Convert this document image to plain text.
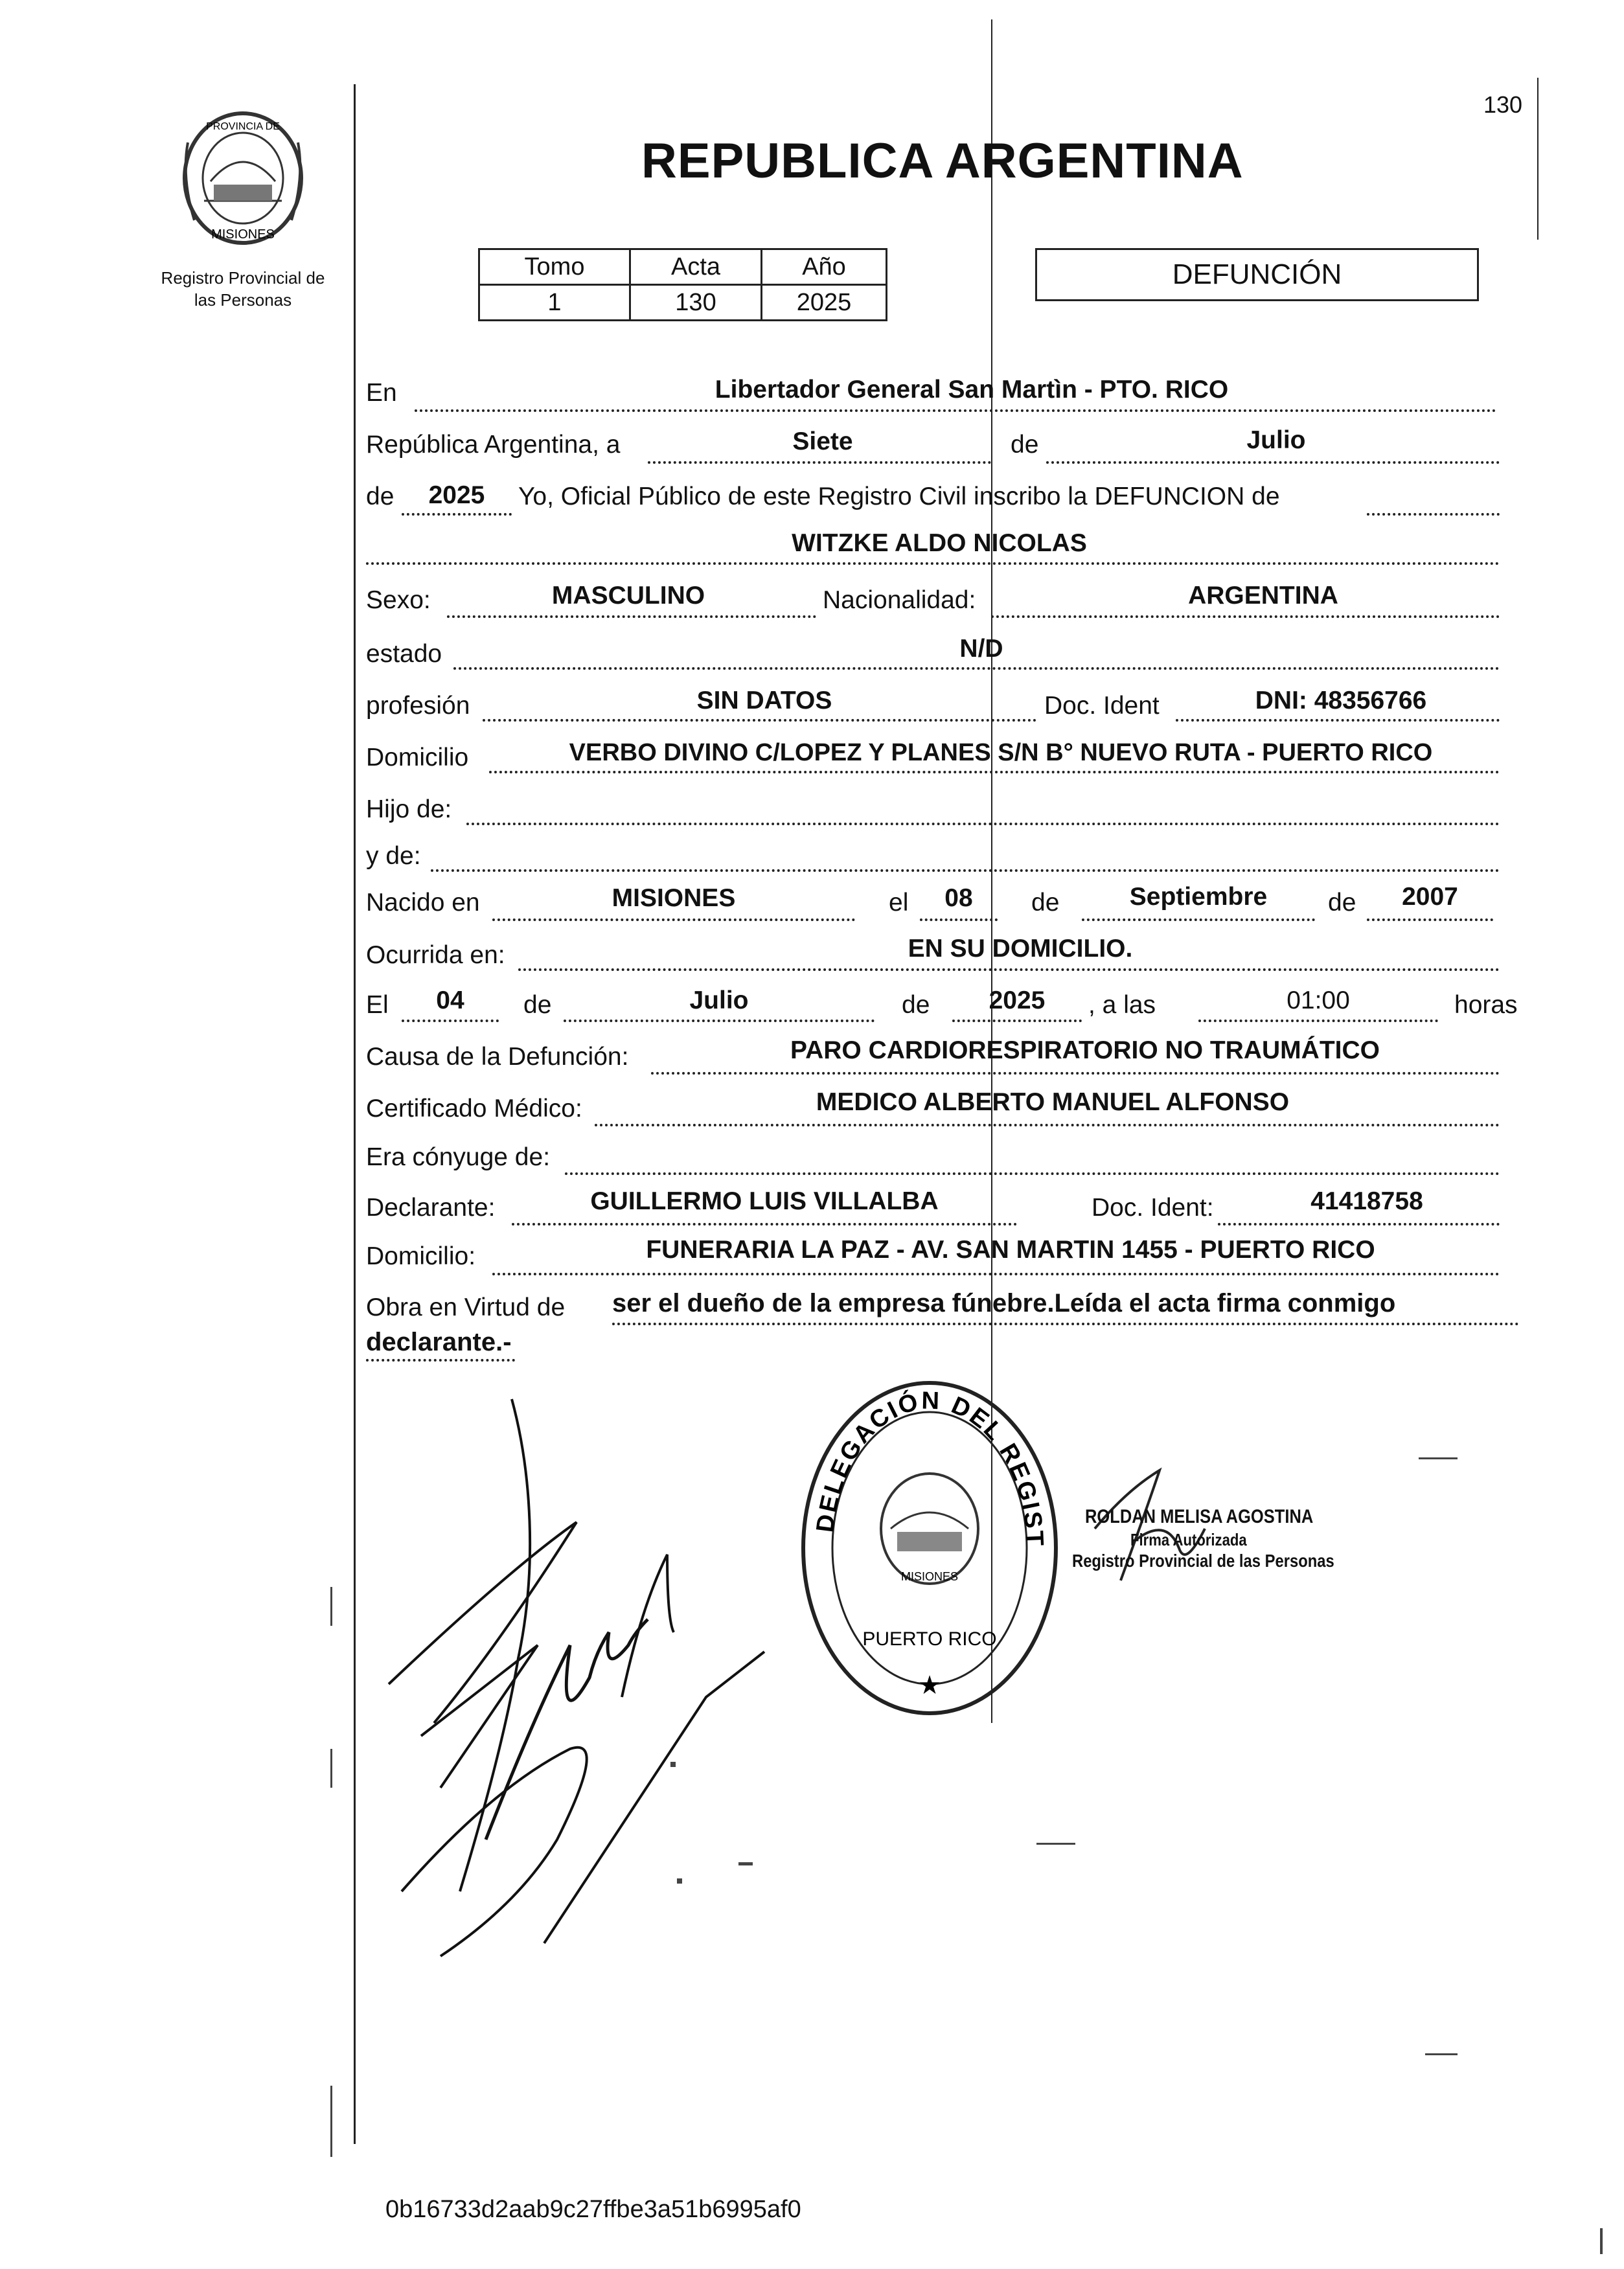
130
PROVINCIA DE
MISIONES
Registro Provincial de
las Personas
REPUBLICA ARGENTINA
Tomo	Acta	Año
1	130	2025
DEFUNCIÓN
En	Libertador General San Martìn - PTO. RICO
República Argentina, a	Siete	de	Julio
de	2025	Yo, Oficial Público de este Registro Civil inscribo la DEFUNCION de
WITZKE ALDO NICOLAS
Sexo:	MASCULINO	Nacionalidad:	ARGENTINA
estado	N/D
profesión	SIN DATOS	Doc. Ident	DNI: 48356766
Domicilio	VERBO DIVINO C/LOPEZ Y PLANES S/N B° NUEVO RUTA - PUERTO RICO
Hijo de:
y de:
Nacido en	MISIONES	el	08	de	Septiembre	de	2007
Ocurrida en:	EN SU DOMICILIO.
El	04	de	Julio	de	2025	, a las	01:00	horas
Causa de la Defunción:	PARO CARDIORESPIRATORIO NO TRAUMÁTICO
Certificado Médico:	MEDICO ALBERTO MANUEL ALFONSO
Era cónyuge de:
Declarante:	GUILLERMO LUIS VILLALBA	Doc. Ident:	41418758
Domicilio:	FUNERARIA LA PAZ - AV. SAN MARTIN 1455 - PUERTO RICO
Obra en Virtud de ser el dueño de la empresa fúnebre.Leída el acta firma conmigo
declarante.-
DELEGACIÓN DEL REGIST
MISIONES
PUERTO RICO
★
ROLDAN MELISA AGOSTINA
Firma Autorizada
Registro Provincial de las Personas
0b16733d2aab9c27ffbe3a51b6995af0
